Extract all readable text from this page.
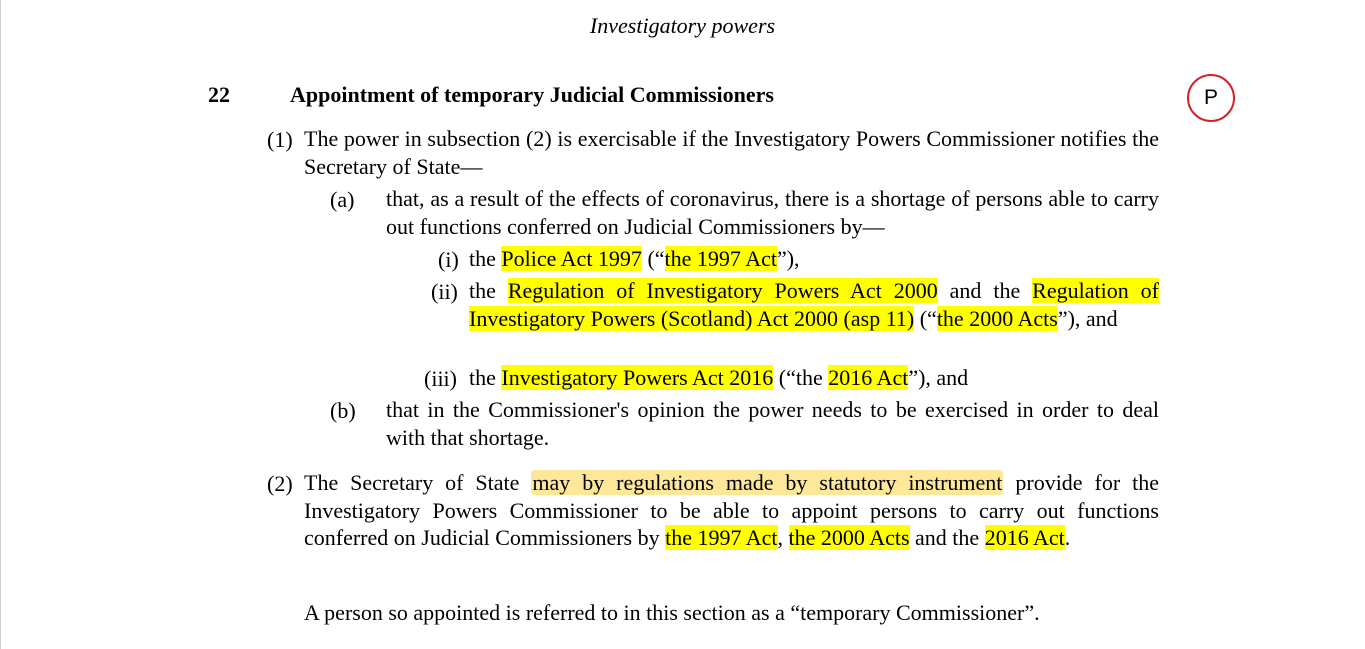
Investigatory powers
22	Appointment of temporary Judicial Commissioners	P
(1) The power in subsection (2) is exercisable if the Investigatory Powers Commissioner notifies the Secretary of State—

(a) that, as a result of the effects of coronavirus, there is a shortage of persons able to carry out functions conferred on Judicial Commissioners by—

(i) the Police Act 1997 (“the 1997 Act”),

(ii) the Regulation of Investigatory Powers Act 2000 and the Regulation of Investigatory Powers (Scotland) Act 2000 (asp 11) (“the 2000 Acts”), and

(iii) the Investigatory Powers Act 2016 (“the 2016 Act”), and

(b) that in the Commissioner's opinion the power needs to be exercised in order to deal with that shortage.

(2) The Secretary of State may by regulations made by statutory instrument provide for the Investigatory Powers Commissioner to be able to appoint persons to carry out functions conferred on Judicial Commissioners by the 1997 Act, the 2000 Acts and the 2016 Act.

A person so appointed is referred to in this section as a “temporary Commissioner”.
